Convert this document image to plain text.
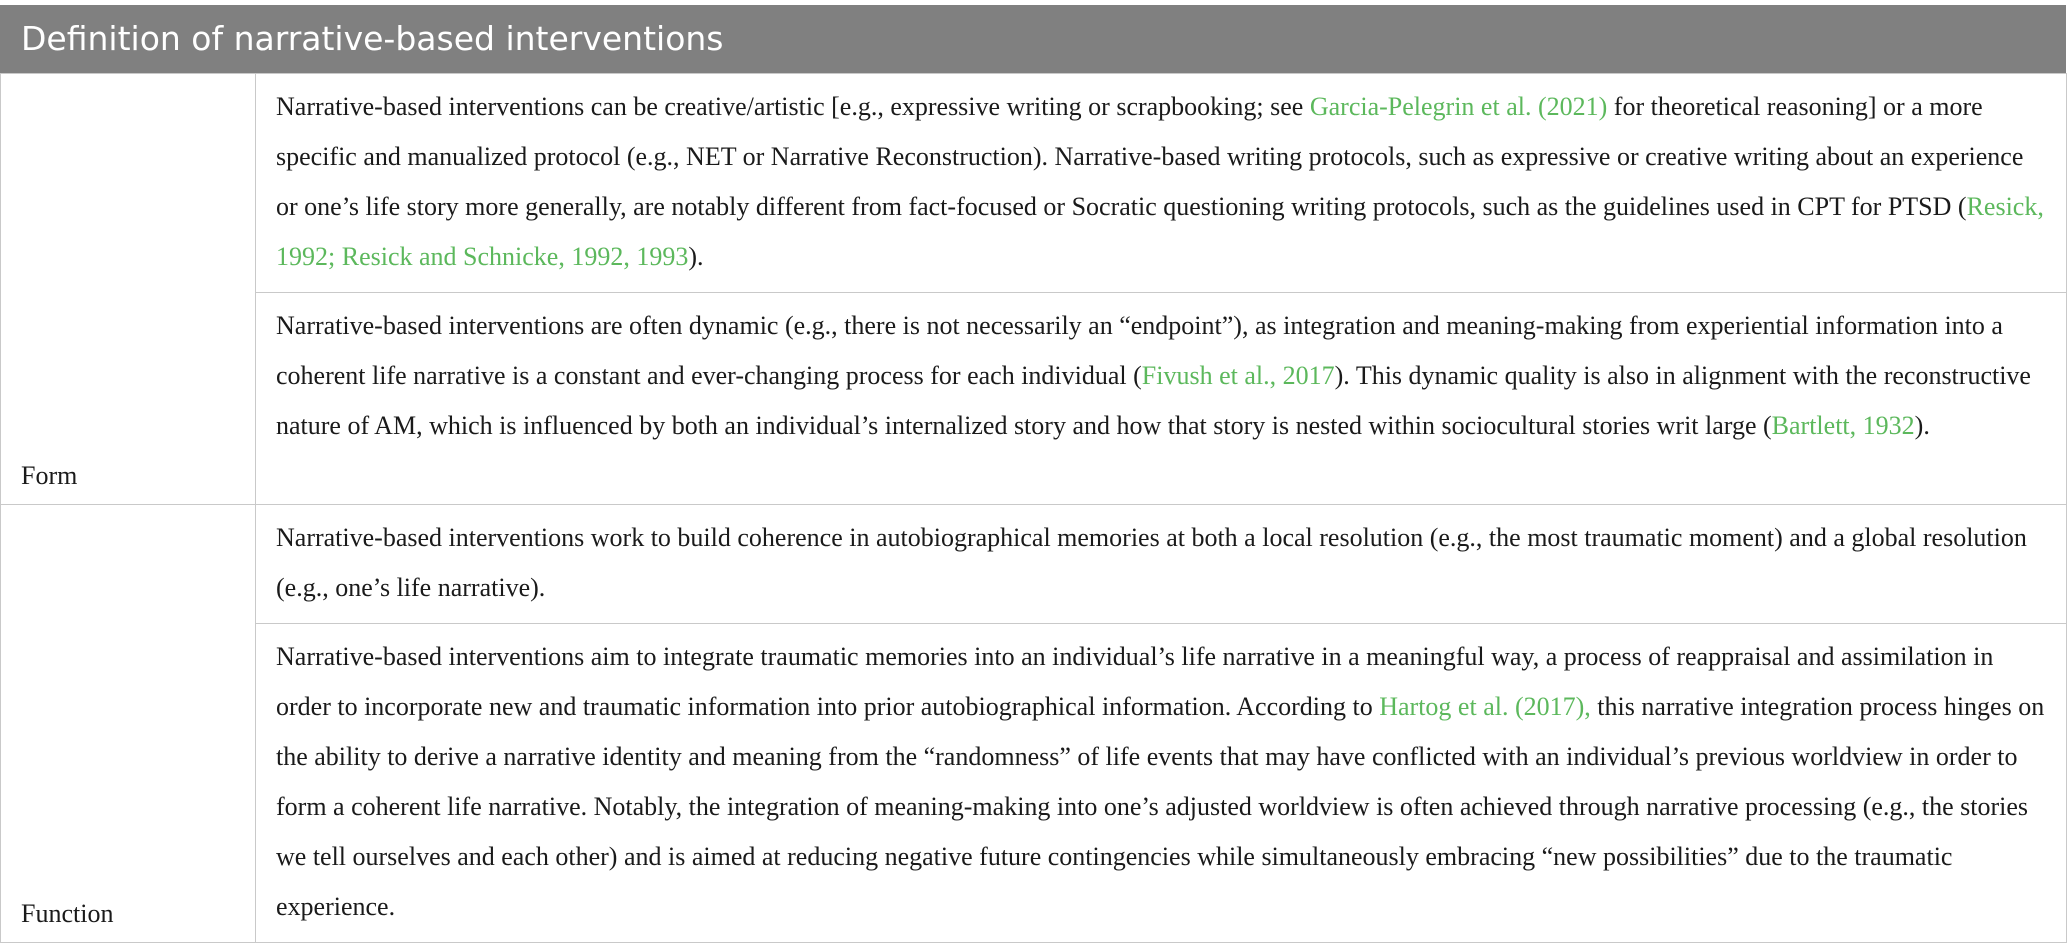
Definition of narrative-based interventions
Form	Narrative-based interventions can be creative/artistic [e.g., expressive writing or scrapbooking; see Garcia-Pelegrin et al. (2021) for theoretical reasoning] or a more specific and manualized protocol (e.g., NET or Narrative Reconstruction). Narrative-based writing protocols, such as expressive or creative writing about an experience or one’s life story more generally, are notably different from fact-focused or Socratic questioning writing protocols, such as the guidelines used in CPT for PTSD (Resick, 1992; Resick and Schnicke, 1992, 1993).
	Narrative-based interventions are often dynamic (e.g., there is not necessarily an “endpoint”), as integration and meaning-making from experiential information into a coherent life narrative is a constant and ever-changing process for each individual (Fivush et al., 2017). This dynamic quality is also in alignment with the reconstructive nature of AM, which is influenced by both an individual’s internalized story and how that story is nested within sociocultural stories writ large (Bartlett, 1932).
Function	Narrative-based interventions work to build coherence in autobiographical memories at both a local resolution (e.g., the most traumatic moment) and a global resolution (e.g., one’s life narrative).
	Narrative-based interventions aim to integrate traumatic memories into an individual’s life narrative in a meaningful way, a process of reappraisal and assimilation in order to incorporate new and traumatic information into prior autobiographical information. According to Hartog et al. (2017), this narrative integration process hinges on the ability to derive a narrative identity and meaning from the “randomness” of life events that may have conflicted with an individual’s previous worldview in order to form a coherent life narrative. Notably, the integration of meaning-making into one’s adjusted worldview is often achieved through narrative processing (e.g., the stories we tell ourselves and each other) and is aimed at reducing negative future contingencies while simultaneously embracing “new possibilities” due to the traumatic experience.
